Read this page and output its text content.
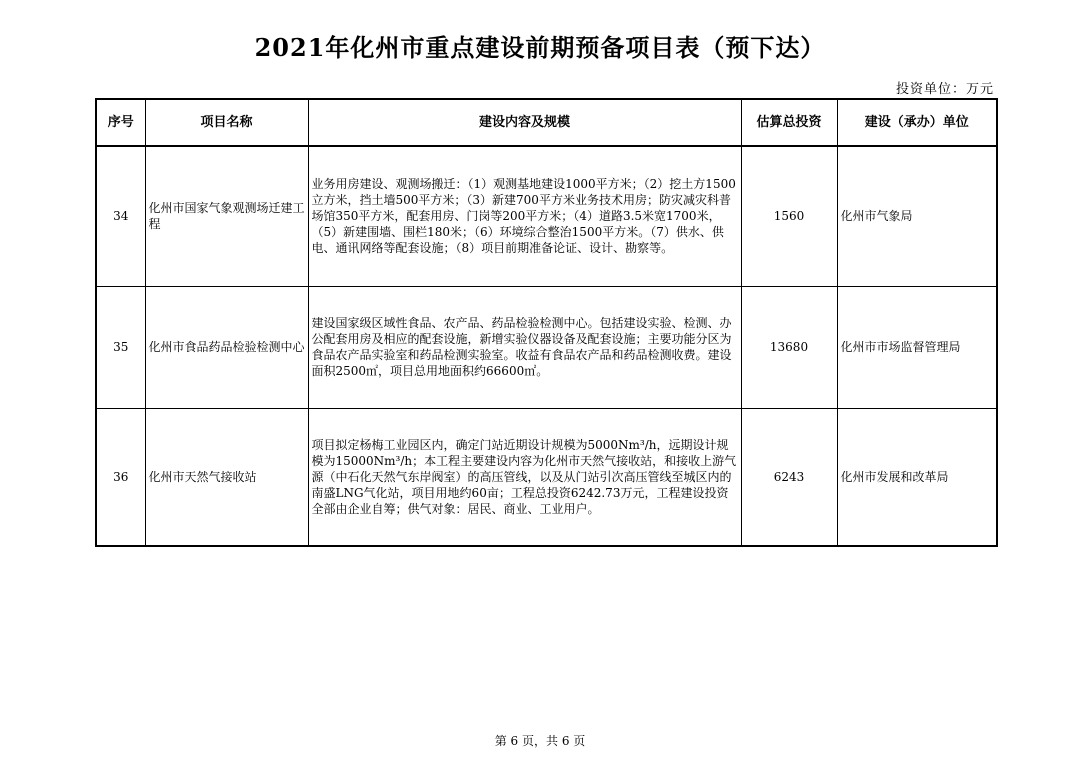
2021年化州市重点建设前期预备项目表（预下达）
投资单位：万元
序号	项目名称	建设内容及规模	估算总投资	建设（承办）单位
34	化州市国家气象观测场迁建工程	业务用房建设、观测场搬迁：（1）观测基地建设1000平方米；（2）挖土方1500立方米，挡土墙500平方米；（3）新建700平方米业务技术用房；防灾减灾科普场馆350平方米，配套用房、门岗等200平方米；（4）道路3.5米宽1700米，（5）新建围墙、围栏180米；（6）环境综合整治1500平方米。（7）供水、供电、通讯网络等配套设施；（8）项目前期准备论证、设计、勘察等。	1560	化州市气象局
35	化州市食品药品检验检测中心	建设国家级区域性食品、农产品、药品检验检测中心。包括建设实验、检测、办公配套用房及相应的配套设施，新增实验仪器设备及配套设施；主要功能分区为食品农产品实验室和药品检测实验室。收益有食品农产品和药品检测收费。建设面积2500㎡，项目总用地面积约66600㎡。	13680	化州市市场监督管理局
36	化州市天然气接收站	项目拟定杨梅工业园区内，确定门站近期设计规模为5000Nm³/h，远期设计规模为15000Nm³/h；本工程主要建设内容为化州市天然气接收站，和接收上游气源（中石化天然气东岸阀室）的高压管线，以及从门站引次高压管线至城区内的南盛LNG气化站，项目用地约60亩；工程总投资6242.73万元，工程建设投资全部由企业自筹；供气对象：居民、商业、工业用户。	6243	化州市发展和改革局
第 6 页，共 6 页
